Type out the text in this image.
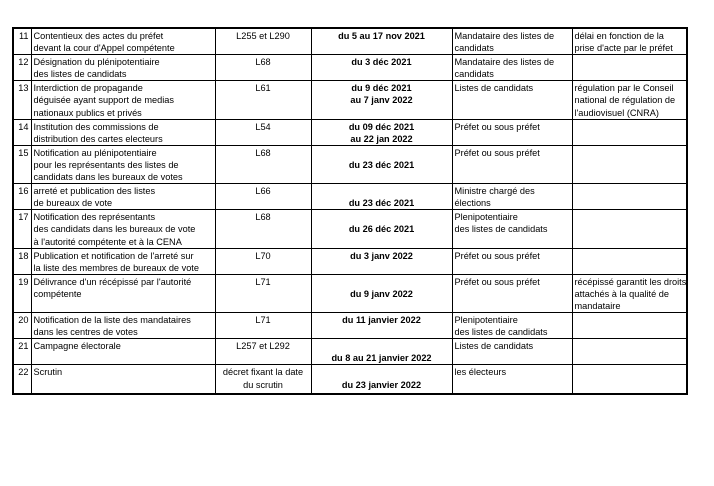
11	Contentieux des actes du préfet
devant la cour d'Appel compétente	L255 et L290	du 5 au 17 nov 2021	Mandataire des listes de
candidats	délai en fonction de la
prise d'acte par le préfet

12	Désignation du plénipotentiaire
des listes de candidats	L68	du 3 déc 2021	Mandataire des listes de
candidats	

13	Interdiction de propagande
déguisée ayant support de medias
nationaux publics et privés	L61	du 9 déc 2021
au 7 janv 2022	Listes de candidats	régulation par le Conseil
national de régulation de
l'audiovisuel (CNRA)

14	Institution des commissions de
distribution des cartes electeurs	L54	du 09 déc 2021
au 22 jan 2022	Préfet ou sous préfet	

15	Notification au plénipotentiaire
pour les représentants des listes de
candidats dans les bureaux de votes	L68	du 23 déc 2021	Préfet ou sous préfet	

16	arreté et publication des listes
de bureaux de vote	L66	du 23 déc 2021	Ministre chargé des
élections	

17	Notification des représentants
des candidats dans les bureaux de vote
à l'autorité compétente et à la CENA	L68	du 26 déc 2021	Plenipotentiaire
des listes de candidats	

18	Publication et notification de l'arreté sur
la liste des membres de bureaux de vote	L70	du 3 janv 2022	Préfet ou sous préfet	

19	Délivrance d'un récépissé par l'autorité
compétente	L71	du 9 janv 2022	Préfet ou sous préfet	récépissé garantit les droits
attachés à la qualité de
mandataire

20	Notification de la liste des mandataires
dans les centres de votes	L71	du 11 janvier 2022	Plenipotentiaire
des listes de candidats	

21	Campagne électorale	L257 et L292	du 8 au 21 janvier 2022	Listes de candidats	

22	Scrutin	décret fixant la date
du scrutin	du 23 janvier 2022	les électeurs	
